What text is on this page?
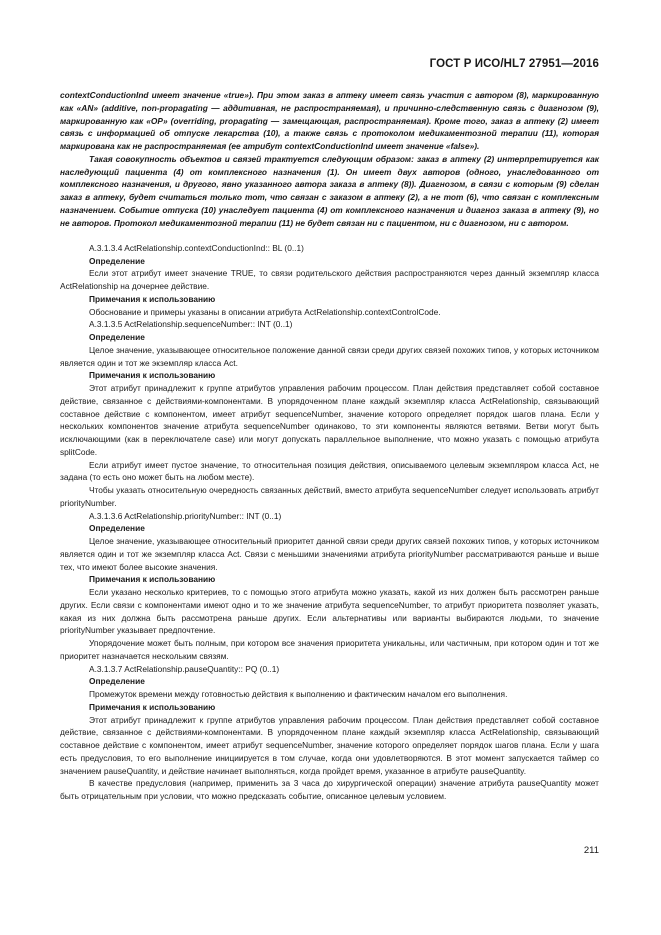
ГОСТ Р ИСО/HL7 27951—2016

contextConductionInd имеет значение «true»). При этом заказ в аптеку имеет связь участия с автором (8), маркированную как «AN» (additive, non-propagating — аддитивная, не распространяемая), и причинно-следственную связь с диагнозом (9), маркированную как «OP» (overriding, propagating — замещающая, распространяемая). Кроме того, заказ в аптеку (2) имеет связь с информацией об отпуске лекарства (10), а также связь с протоколом медикаментозной терапии (11), которая маркирована как не распространяемая (ее атрибут contextConductionInd имеет значение «false»).

Такая совокупность объектов и связей трактуется следующим образом: заказ в аптеку (2) интерпретируется как наследующий пациента (4) от комплексного назначения (1). Он имеет двух авторов (одного, унаследованного от комплексного назначения, и другого, явно указанного автора заказа в аптеку (8)). Диагнозом, в связи с которым (9) сделан заказ в аптеку, будет считаться только тот, что связан с заказом в аптеку (2), а не тот (6), что связан с комплексным назначением. Событие отпуска (10) унаследует пациента (4) от комплексного назначения и диагноз заказа в аптеку (9), но не авторов. Протокол медикаментозной терапии (11) не будет связан ни с пациентом, ни с диагнозом, ни с автором.

A.3.1.3.4 ActRelationship.contextConductionInd:: BL (0..1)

Определение

Если этот атрибут имеет значение TRUE, то связи родительского действия распространяются через данный экземпляр класса ActRelationship на дочернее действие.

Примечания к использованию

Обоснование и примеры указаны в описании атрибута ActRelationship.contextControlCode.

A.3.1.3.5 ActRelationship.sequenceNumber:: INT (0..1)

Определение

Целое значение, указывающее относительное положение данной связи среди других связей похожих типов, у которых источником является один и тот же экземпляр класса Act.

Примечания к использованию

Этот атрибут принадлежит к группе атрибутов управления рабочим процессом. План действия представляет собой составное действие, связанное с действиями-компонентами. В упорядоченном плане каждый экземпляр класса ActRelationship, связывающий составное действие с компонентом, имеет атрибут sequenceNumber, значение которого определяет порядок шагов плана. Если у нескольких компонентов значение атрибута sequenceNumber одинаково, то эти компоненты являются ветвями. Ветви могут быть исключающими (как в переключателе case) или могут допускать параллельное выполнение, что можно указать с помощью атрибута splitCode.

Если атрибут имеет пустое значение, то относительная позиция действия, описываемого целевым экземпляром класса Act, не задана (то есть оно может быть на любом месте).

Чтобы указать относительную очередность связанных действий, вместо атрибута sequenceNumber следует использовать атрибут priorityNumber.

A.3.1.3.6 ActRelationship.priorityNumber:: INT (0..1)

Определение

Целое значение, указывающее относительный приоритет данной связи среди других связей похожих типов, у которых источником является один и тот же экземпляр класса Act. Связи с меньшими значениями атрибута priorityNumber рассматриваются раньше и выше тех, что имеют более высокие значения.

Примечания к использованию

Если указано несколько критериев, то с помощью этого атрибута можно указать, какой из них должен быть рассмотрен раньше других. Если связи с компонентами имеют одно и то же значение атрибута sequenceNumber, то атрибут приоритета позволяет указать, какая из них должна быть рассмотрена раньше других. Если альтернативы или варианты выбираются людьми, то значение priorityNumber указывает предпочтение.

Упорядочение может быть полным, при котором все значения приоритета уникальны, или частичным, при котором один и тот же приоритет назначается нескольким связям.

A.3.1.3.7 ActRelationship.pauseQuantity:: PQ (0..1)

Определение

Промежуток времени между готовностью действия к выполнению и фактическим началом его выполнения.

Примечания к использованию

Этот атрибут принадлежит к группе атрибутов управления рабочим процессом. План действия представляет собой составное действие, связанное с действиями-компонентами. В упорядоченном плане каждый экземпляр класса ActRelationship, связывающий составное действие с компонентом, имеет атрибут sequenceNumber, значение которого определяет порядок шагов плана. Если у шага есть предусловия, то его выполнение инициируется в том случае, когда они удовлетворяются. В этот момент запускается таймер со значением pauseQuantity, и действие начинает выполняться, когда пройдет время, указанное в атрибуте pauseQuantity.

В качестве предусловия (например, применить за 3 часа до хирургической операции) значение атрибута pauseQuantity может быть отрицательным при условии, что можно предсказать событие, описанное целевым условием.

211
